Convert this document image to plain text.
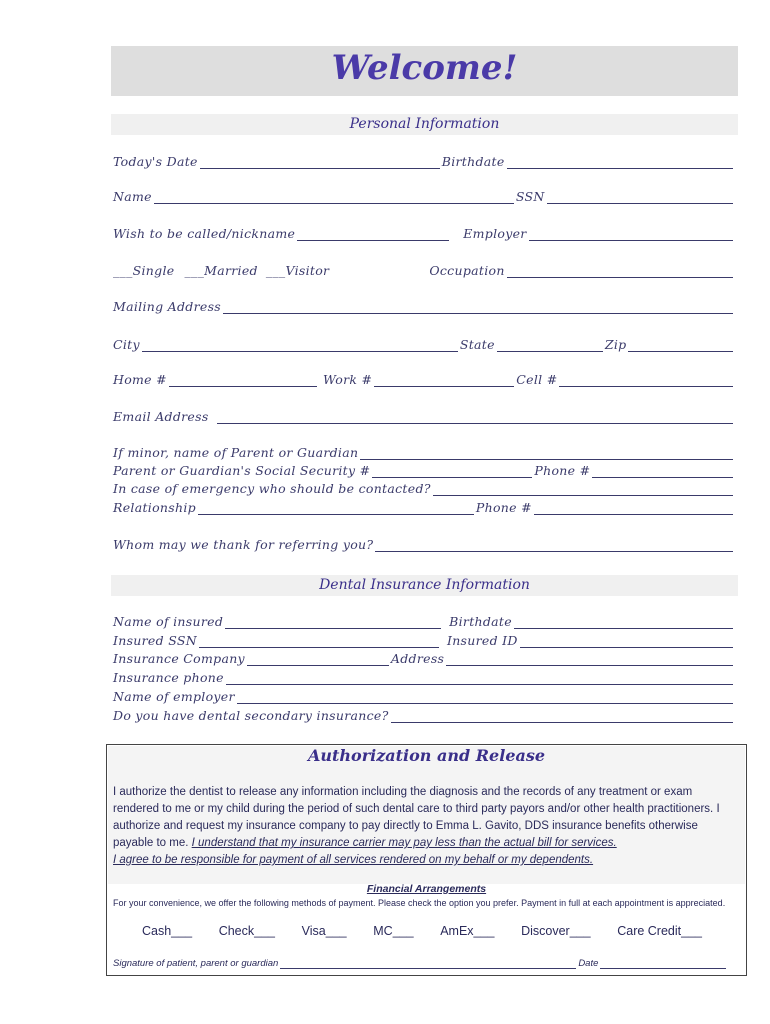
Welcome!
Personal Information
Today's Date	Birthdate
Name	SSN
Wish to be called/nickname	Employer
___Single ___Married ___Visitor	Occupation
Mailing Address
City	State	Zip
Home #	Work #	Cell #
Email Address
If minor, name of Parent or Guardian
Parent or Guardian's Social Security #	Phone #
In case of emergency who should be contacted?
Relationship	Phone #
Whom may we thank for referring you?
Dental Insurance Information
Name of insured	Birthdate
Insured SSN	Insured ID
Insurance Company	Address
Insurance phone
Name of employer
Do you have dental secondary insurance?
Authorization and Release
I authorize the dentist to release any information including the diagnosis and the records of any treatment or exam rendered to me or my child during the period of such dental care to third party payors and/or other health practitioners. I authorize and request my insurance company to pay directly to Emma L. Gavito, DDS insurance benefits otherwise payable to me. I understand that my insurance carrier may pay less than the actual bill for services.
I agree to be responsible for payment of all services rendered on my behalf or my dependents.
Financial Arrangements
For your convenience, we offer the following methods of payment. Please check the option you prefer. Payment in full at each appointment is appreciated.
Cash___ Check___ Visa___ MC___ AmEx___ Discover___ Care Credit___
Signature of patient, parent or guardian	Date
